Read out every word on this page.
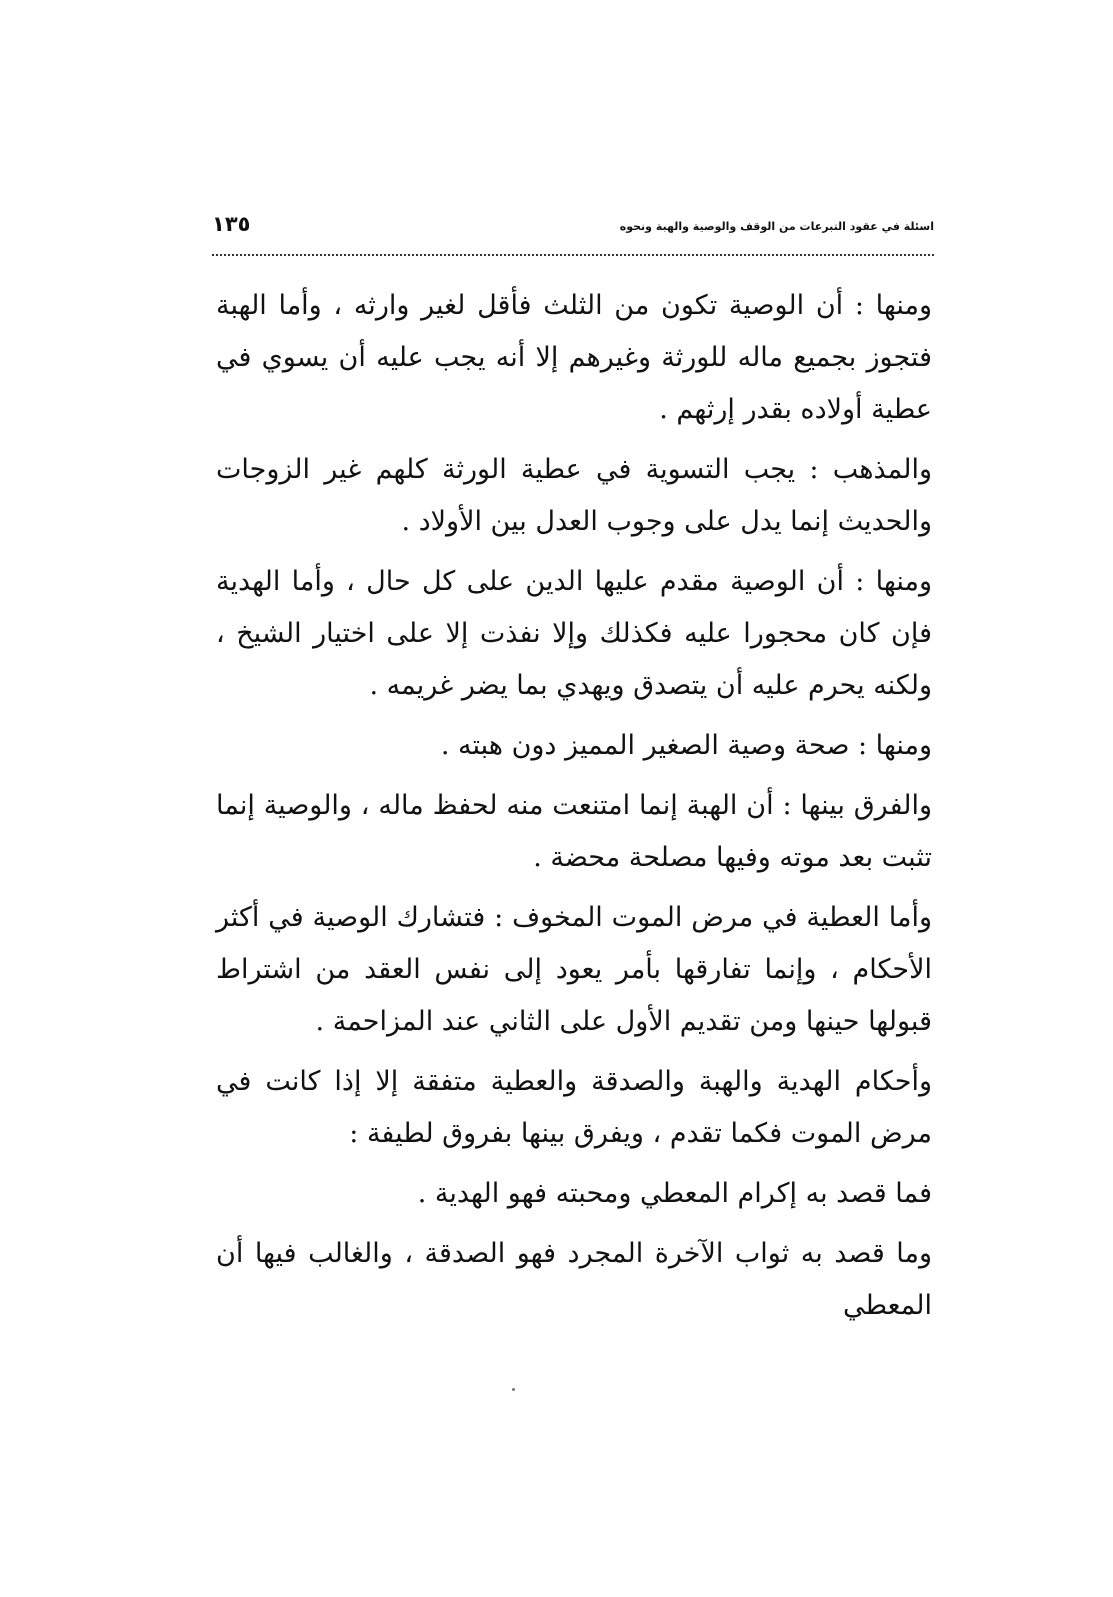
اسئلة في عقود التبرعات من الوقف والوصية والهبة ونحوه
١٣٥

ومنها : أن الوصية تكون من الثلث فأقل لغير وارثه ، وأما الهبة فتجوز بجميع ماله للورثة وغيرهم إلا أنه يجب عليه أن يسوي في عطية أولاده بقدر إرثهم .

والمذهب : يجب التسوية في عطية الورثة كلهم غير الزوجات والحديث إنما يدل على وجوب العدل بين الأولاد .

ومنها : أن الوصية مقدم عليها الدين على كل حال ، وأما الهدية فإن كان محجورا عليه فكذلك وإلا نفذت إلا على اختيار الشيخ ، ولكنه يحرم عليه أن يتصدق ويهدي بما يضر غريمه .

ومنها : صحة وصية الصغير المميز دون هبته .

والفرق بينها : أن الهبة إنما امتنعت منه لحفظ ماله ، والوصية إنما تثبت بعد موته وفيها مصلحة محضة .

وأما العطية في مرض الموت المخوف : فتشارك الوصية في أكثر الأحكام ، وإنما تفارقها بأمر يعود إلى نفس العقد من اشتراط قبولها حينها ومن تقديم الأول على الثاني عند المزاحمة .

وأحكام الهدية والهبة والصدقة والعطية متفقة إلا إذا كانت في مرض الموت فكما تقدم ، ويفرق بينها بفروق لطيفة :

فما قصد به إكرام المعطي ومحبته فهو الهدية .

وما قصد به ثواب الآخرة المجرد فهو الصدقة ، والغالب فيها أن المعطي
